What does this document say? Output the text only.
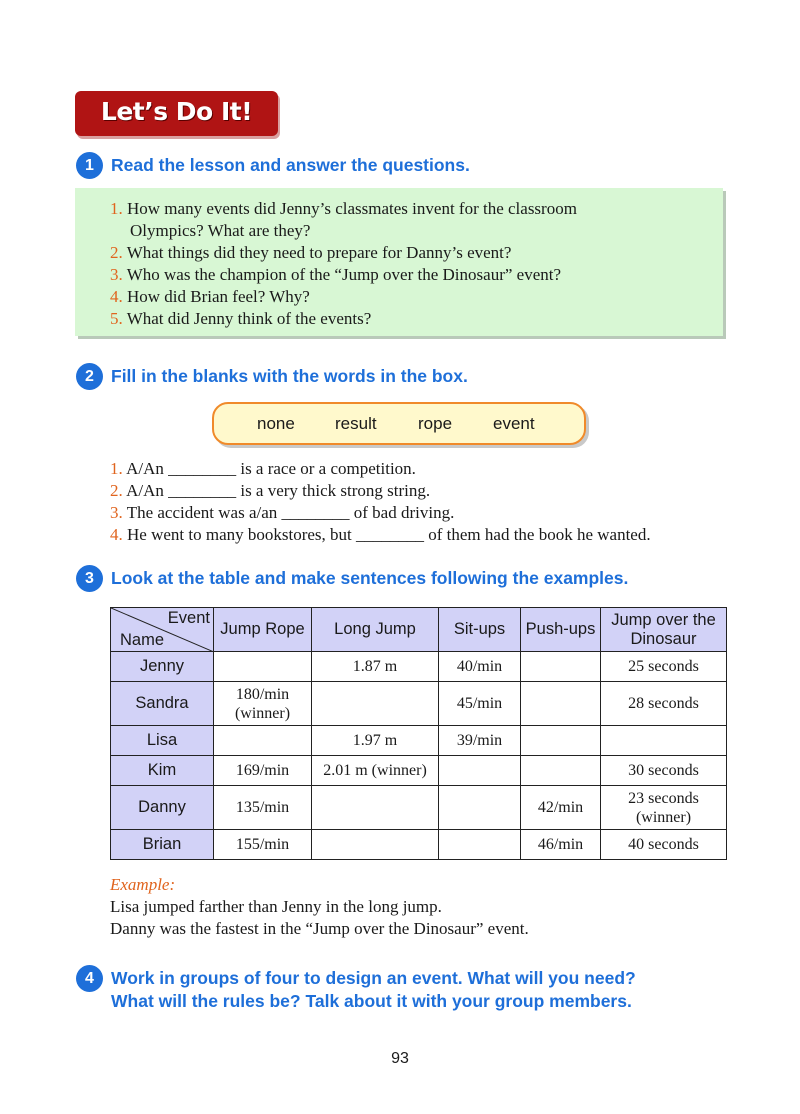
Let’s Do It!
1 Read the lesson and answer the questions.
1. How many events did Jenny’s classmates invent for the classroom
Olympics? What are they?
2. What things did they need to prepare for Danny’s event?
3. Who was the champion of the “Jump over the Dinosaur” event?
4. How did Brian feel? Why?
5. What did Jenny think of the events?
2 Fill in the blanks with the words in the box.
none result rope event
1. A/An ________ is a race or a competition.
2. A/An ________ is a very thick strong string.
3. The accident was a/an ________ of bad driving.
4. He went to many bookstores, but ________ of them had the book he wanted.
3 Look at the table and make sentences following the examples.
Event
Name	Jump Rope	Long Jump	Sit-ups	Push-ups	Jump over the Dinosaur
Jenny		1.87 m	40/min		25 seconds
Sandra	180/min (winner)		45/min		28 seconds
Lisa		1.97 m	39/min		
Kim	169/min	2.01 m (winner)			30 seconds
Danny	135/min			42/min	23 seconds (winner)
Brian	155/min			46/min	40 seconds
Example:
Lisa jumped farther than Jenny in the long jump.
Danny was the fastest in the “Jump over the Dinosaur” event.
4 Work in groups of four to design an event. What will you need?
What will the rules be? Talk about it with your group members.
93
